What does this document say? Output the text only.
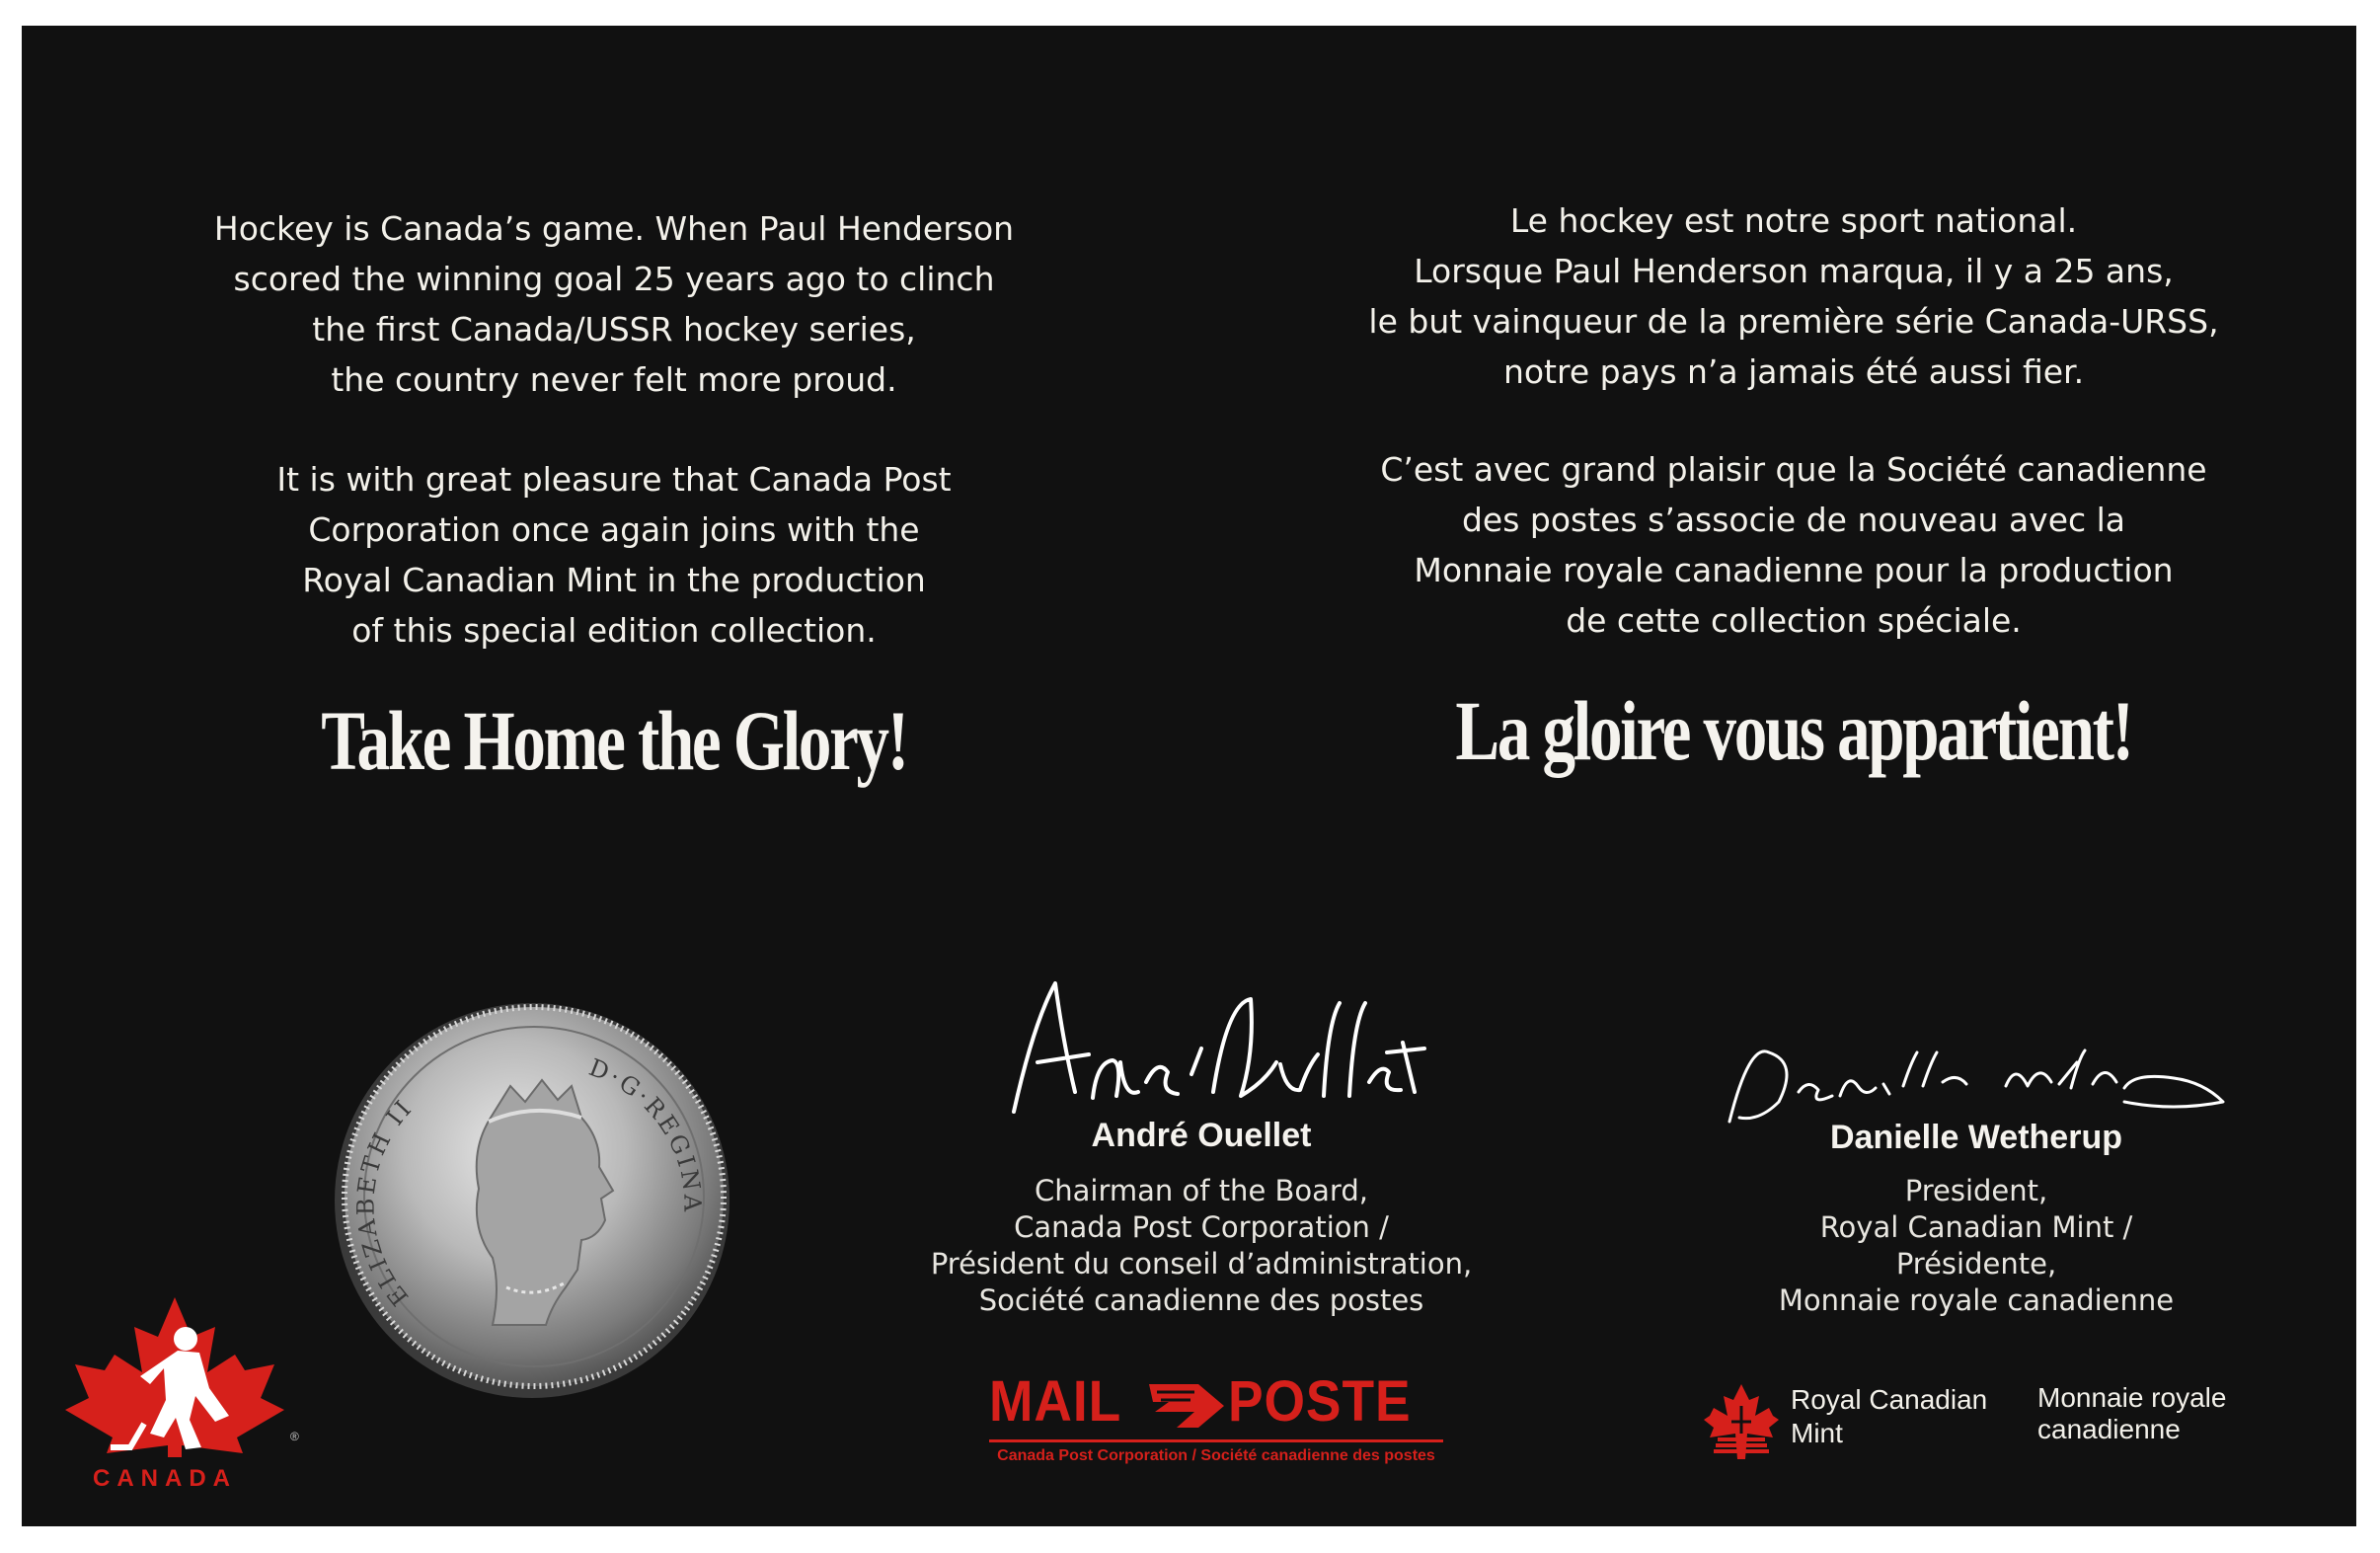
Hockey is Canada’s game. When Paul Henderson
scored the winning goal 25 years ago to clinch
the first Canada/USSR hockey series,
the country never felt more proud.
It is with great pleasure that Canada Post
Corporation once again joins with the
Royal Canadian Mint in the production
of this special edition collection.
Take Home the Glory!
Le hockey est notre sport national.
Lorsque Paul Henderson marqua, il y a 25 ans,
le but vainqueur de la première série Canada-URSS,
notre pays n’a jamais été aussi fier.
C’est avec grand plaisir que la Société canadienne
des postes s’associe de nouveau avec la
Monnaie royale canadienne pour la production
de cette collection spéciale.
La gloire vous appartient!
CANADA
®
ELIZABETH II
D·G·REGINA
André Ouellet
Chairman of the Board,
Canada Post Corporation /
Président du conseil d’administration,
Société canadienne des postes
Danielle Wetherup
President,
Royal Canadian Mint /
Présidente,
Monnaie royale canadienne
MAIL POSTE
Canada Post Corporation / Société canadienne des postes
Royal Canadian
Mint
Monnaie royale
canadienne
